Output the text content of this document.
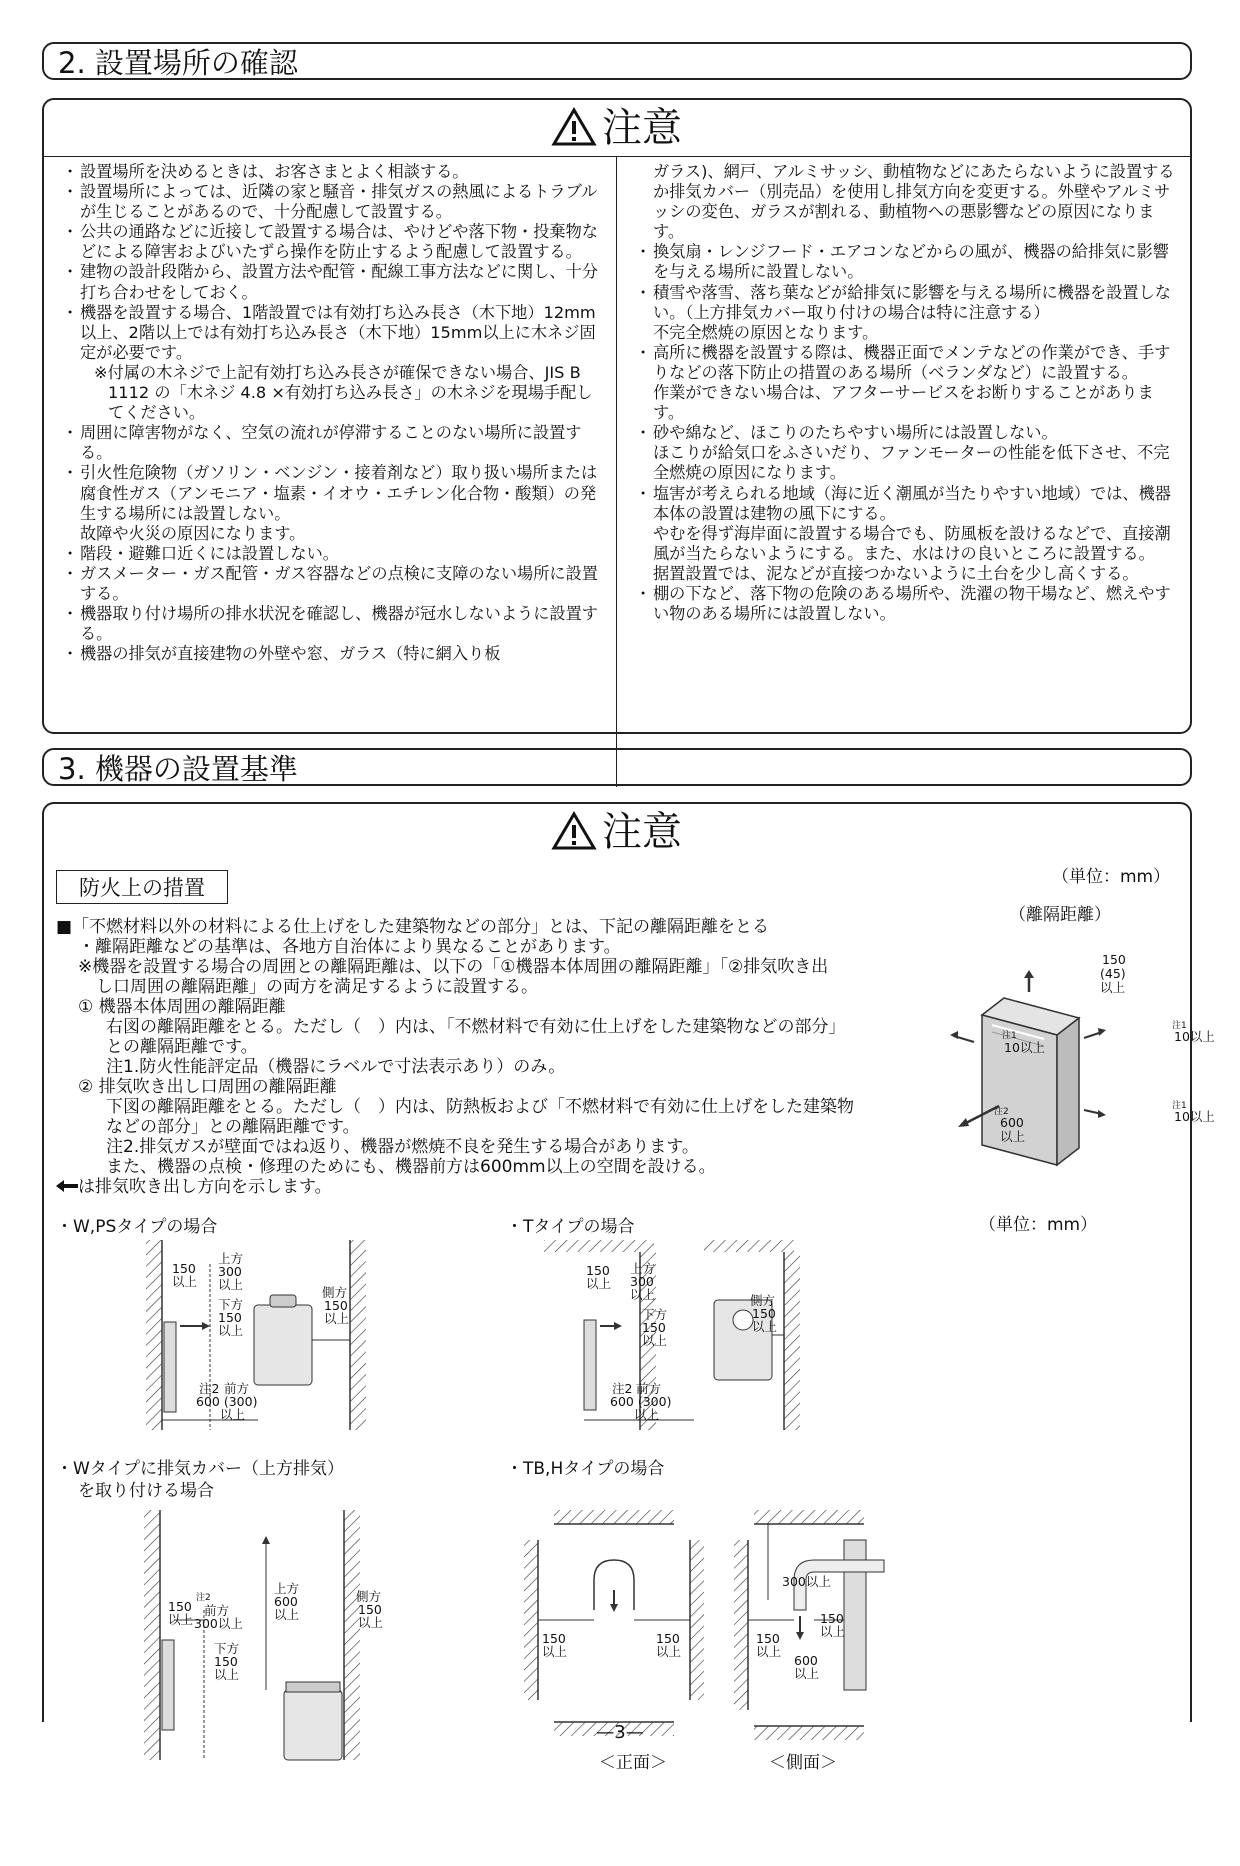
2. 設置場所の確認
注意
・ 設置場所を決めるときは、お客さまとよく相談する。
・ 設置場所によっては、近隣の家と騒音・排気ガスの熱風によるトラブルが生じることがあるので、十分配慮して設置する。
・ 公共の通路などに近接して設置する場合は、やけどや落下物・投棄物などによる障害およびいたずら操作を防止するよう配慮して設置する。
・ 建物の設計段階から、設置方法や配管・配線工事方法などに関し、十分打ち合わせをしておく。
・ 機器を設置する場合、1階設置では有効打ち込み長さ（木下地）12mm以上、2階以上では有効打ち込み長さ（木下地）15mm以上に木ネジ固定が必要です。
※付属の木ネジで上記有効打ち込み長さが確保できない場合、JIS B 1112 の「木ネジ 4.8 ×有効打ち込み長さ」の木ネジを現場手配してください。
・ 周囲に障害物がなく、空気の流れが停滞することのない場所に設置する。
・ 引火性危険物（ガソリン・ベンジン・接着剤など）取り扱い場所または腐食性ガス（アンモニア・塩素・イオウ・エチレン化合物・酸類）の発生する場所には設置しない。
故障や火災の原因になります。
・ 階段・避難口近くには設置しない。
・ ガスメーター・ガス配管・ガス容器などの点検に支障のない場所に設置する。
・ 機器取り付け場所の排水状況を確認し、機器が冠水しないように設置する。
・ 機器の排気が直接建物の外壁や窓、ガラス（特に網入り板
ガラス)、網戸、アルミサッシ、動植物などにあたらないように設置するか排気カバー（別売品）を使用し排気方向を変更する。外壁やアルミサッシの変色、ガラスが割れる、動植物への悪影響などの原因になります。
・ 換気扇・レンジフード・エアコンなどからの風が、機器の給排気に影響を与える場所に設置しない。
・ 積雪や落雪、落ち葉などが給排気に影響を与える場所に機器を設置しない。（上方排気カバー取り付けの場合は特に注意する）
不完全燃焼の原因となります。
・ 高所に機器を設置する際は、機器正面でメンテなどの作業ができ、手すりなどの落下防止の措置のある場所（ベランダなど）に設置する。
作業ができない場合は、アフターサービスをお断りすることがあります。
・ 砂や綿など、ほこりのたちやすい場所には設置しない。
ほこりが給気口をふさいだり、ファンモーターの性能を低下させ、不完全燃焼の原因になります。
・ 塩害が考えられる地域（海に近く潮風が当たりやすい地域）では、機器本体の設置は建物の風下にする。
やむを得ず海岸面に設置する場合でも、防風板を設けるなどで、直接潮風が当たらないようにする。また、水はけの良いところに設置する。
据置設置では、泥などが直接つかないように土台を少し高くする。
・ 棚の下など、落下物の危険のある場所や、洗濯の物干場など、燃えやすい物のある場所には設置しない。
3. 機器の設置基準
注意
防火上の措置	（単位：mm）
（離隔距離）
■「不燃材料以外の材料による仕上げをした建築物などの部分」とは、下記の離隔距離をとる
・離隔距離などの基準は、各地方自治体により異なることがあります。
※機器を設置する場合の周囲との離隔距離は、以下の「①機器本体周囲の離隔距離」「②排気吹き出
し口周囲の離隔距離」の両方を満足するように設置する。
① 機器本体周囲の離隔距離
右図の離隔距離をとる。ただし（　）内は、「不燃材料で有効に仕上げをした建築物などの部分」
との離隔距離です。
注1.防火性能評定品（機器にラベルで寸法表示あり）のみ。
② 排気吹き出し口周囲の離隔距離
下図の離隔距離をとる。ただし（　）内は、防熱板および「不燃材料で有効に仕上げをした建築物
などの部分」との離隔距離です。
注2.排気ガスが壁面ではね返り、機器が燃焼不良を発生する場合があります。
また、機器の点検・修理のためにも、機器前方は600mm以上の空間を設ける。
は排気吹き出し方向を示します。
150
(45)
以上
注1
10以上
注1
10以上
注2
600
以上
注1
10以上
（単位：mm）
・W,PSタイプの場合	・Tタイプの場合
150
以上
上方
300
以上
下方
150
以上
注2 前方
600 (300)
以上
側方
150
以上
150
以上
上方
300
以上
下方
150
以上
注2 前方
600 (300)
以上
側方
150
以上
・Wタイプに排気カバー（上方排気）
を取り付ける場合
・TB,Hタイプの場合
150
以上
注2
前方
300以上
下方
150
以上
上方
600
以上
側方
150
以上
150
以上
150
以上
300以上
150
以上
150
以上
600
以上
＜正面＞	＜側面＞
—3—
